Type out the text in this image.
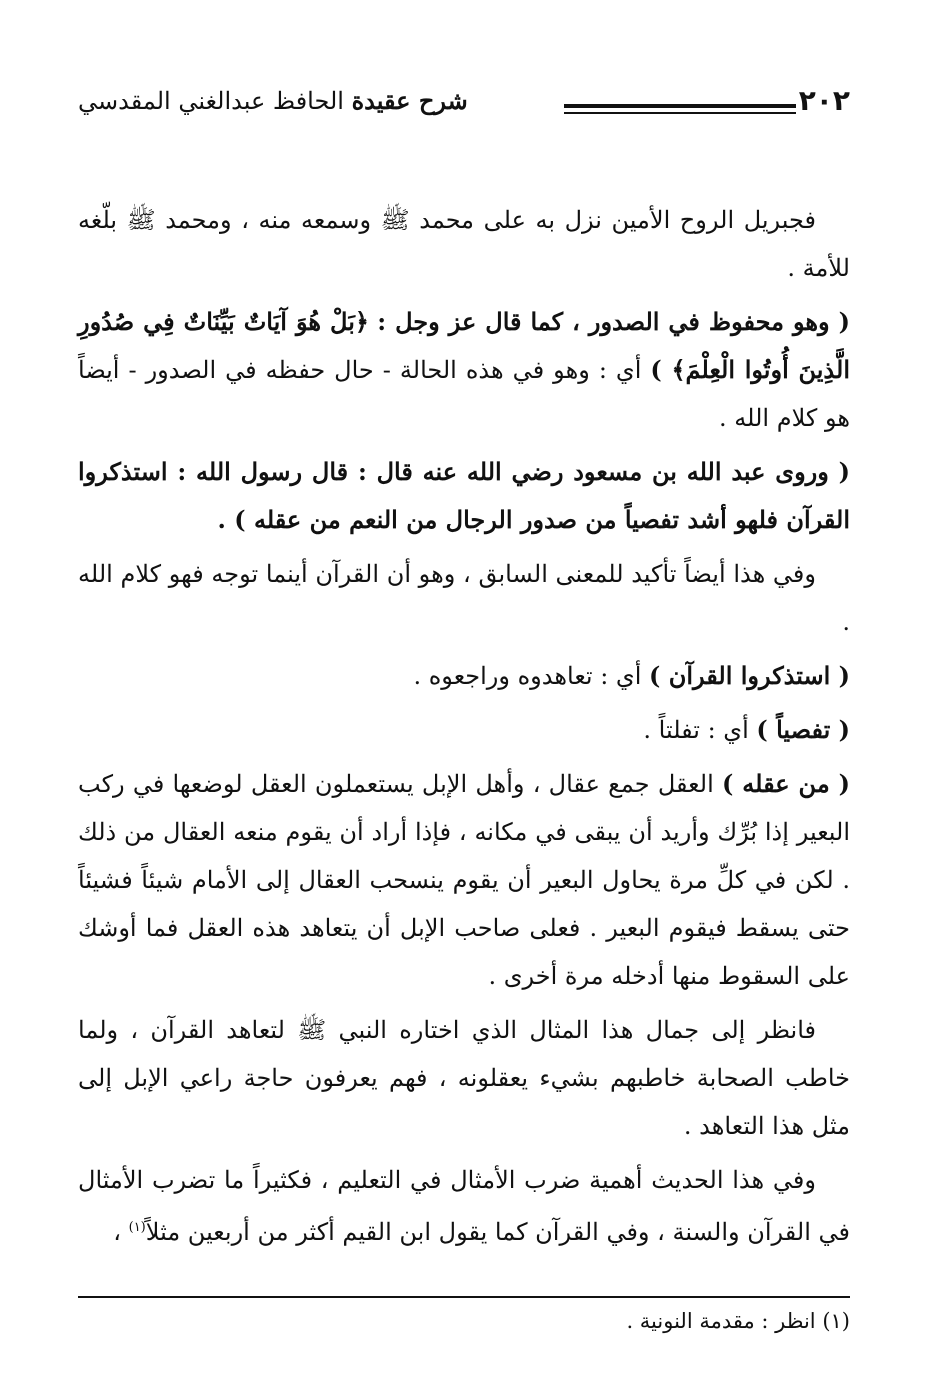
٢٠٢
شرح عقيدة الحافظ عبدالغني المقدسي

فجبريل الروح الأمين نزل به على محمد ﷺ وسمعه منه ، ومحمد ﷺ بلّغه للأمة .

( وهو محفوظ في الصدور ، كما قال عز وجل : ﴿بَلْ هُوَ آيَاتٌ بَيِّنَاتٌ فِي صُدُورِ الَّذِينَ أُوتُوا الْعِلْمَ﴾ ) أي : وهو في هذه الحالة - حال حفظه في الصدور - أيضاً هو كلام الله .

( وروى عبد الله بن مسعود رضي الله عنه قال : قال رسول الله : استذكروا القرآن فلهو أشد تفصياً من صدور الرجال من النعم من عقله ) .

وفي هذا أيضاً تأكيد للمعنى السابق ، وهو أن القرآن أينما توجه فهو كلام الله .

( استذكروا القرآن ) أي : تعاهدوه وراجعوه .

( تفصياً ) أي : تفلتاً .

( من عقله ) العقل جمع عقال ، وأهل الإبل يستعملون العقل لوضعها في ركب البعير إذا بُرِّك وأريد أن يبقى في مكانه ، فإذا أراد أن يقوم منعه العقال من ذلك . لكن في كلِّ مرة يحاول البعير أن يقوم ينسحب العقال إلى الأمام شيئاً فشيئاً حتى يسقط فيقوم البعير . فعلى صاحب الإبل أن يتعاهد هذه العقل فما أوشك على السقوط منها أدخله مرة أخرى .

فانظر إلى جمال هذا المثال الذي اختاره النبي ﷺ لتعاهد القرآن ، ولما خاطب الصحابة خاطبهم بشيء يعقلونه ، فهم يعرفون حاجة راعي الإبل إلى مثل هذا التعاهد .

وفي هذا الحديث أهمية ضرب الأمثال في التعليم ، فكثيراً ما تضرب الأمثال في القرآن والسنة ، وفي القرآن كما يقول ابن القيم أكثر من أربعين مثلاً$^{(١)}$ ،

(١) انظر : مقدمة النونية .
